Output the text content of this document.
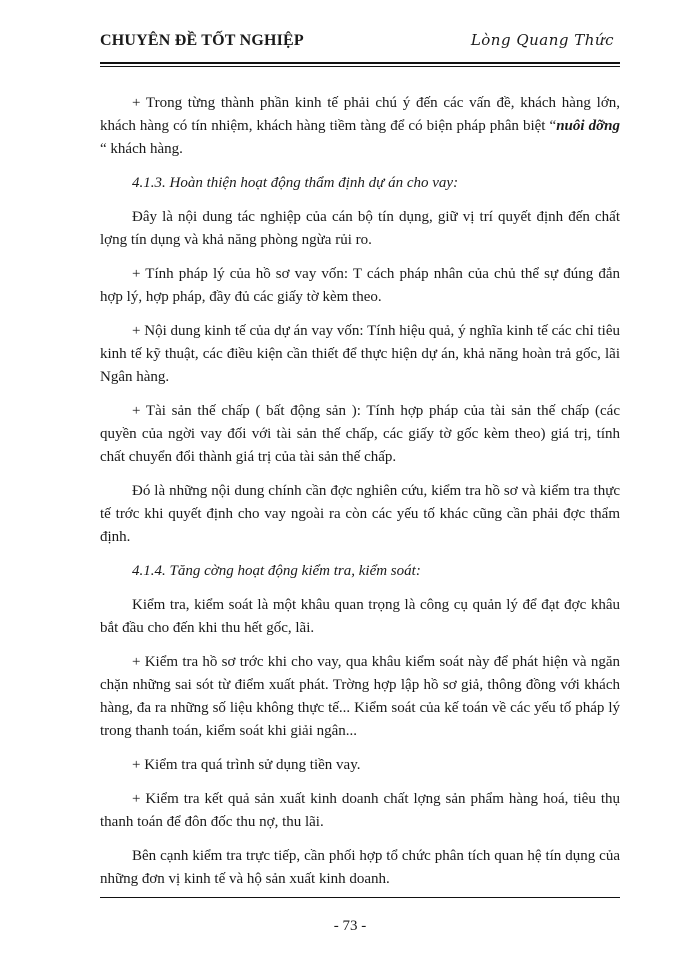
CHUYÊN ĐỀ TỐT NGHIỆP	Lòng Quang Thức

+ Trong từng thành phần kinh tế phải chú ý đến các vấn đề, khách hàng lớn, khách hàng có tín nhiệm, khách hàng tiềm tàng để có biện pháp phân biệt “nuôi dỡng “ khách hàng.

4.1.3. Hoàn thiện hoạt động thẩm định dự án cho vay:

Đây là nội dung tác nghiệp của cán bộ tín dụng, giữ vị trí quyết định đến chất lợng tín dụng và khả năng phòng ngừa rủi ro.

+ Tính pháp lý của hồ sơ vay vốn: T cách pháp nhân của chủ thể sự đúng đắn hợp lý, hợp pháp, đầy đủ các giấy tờ kèm theo.

+ Nội dung kinh tế của dự án vay vốn: Tính hiệu quả, ý nghĩa kinh tế các chỉ tiêu kinh tế kỹ thuật, các điều kiện cần thiết để thực hiện dự án, khả năng hoàn trả gốc, lãi Ngân hàng.

+ Tài sản thế chấp ( bất động sản ): Tính hợp pháp của tài sản thế chấp (các quyền của ngời vay đối với tài sản thế chấp, các giấy tờ gốc kèm theo) giá trị, tính chất chuyển đổi thành giá trị của tài sản thế chấp.

Đó là những nội dung chính cần đợc nghiên cứu, kiểm tra hồ sơ và kiểm tra thực tế trớc khi quyết định cho vay ngoài ra còn các yếu tố khác cũng cần phải đợc thẩm định.

4.1.4. Tăng cờng hoạt động kiểm tra, kiểm soát:

Kiểm tra, kiểm soát là một khâu quan trọng là công cụ quản lý để đạt đợc khâu bắt đầu cho đến khi thu hết gốc, lãi.

+ Kiểm tra hồ sơ trớc khi cho vay, qua khâu kiểm soát này để phát hiện và ngăn chặn những sai sót từ điểm xuất phát. Trờng hợp lập hồ sơ giả, thông đồng với khách hàng, đa ra những số liệu không thực tế... Kiểm soát của kế toán về các yếu tố pháp lý trong thanh toán, kiểm soát khi giải ngân...

+ Kiểm tra quá trình sử dụng tiền vay.

+ Kiểm tra kết quả sản xuất kinh doanh chất lợng sản phẩm hàng hoá, tiêu thụ thanh toán để đôn đốc thu nợ, thu lãi.

Bên cạnh kiểm tra trực tiếp, cần phối hợp tổ chức phân tích quan hệ tín dụng của những đơn vị kinh tế và hộ sản xuất kinh doanh.

- 73 -
